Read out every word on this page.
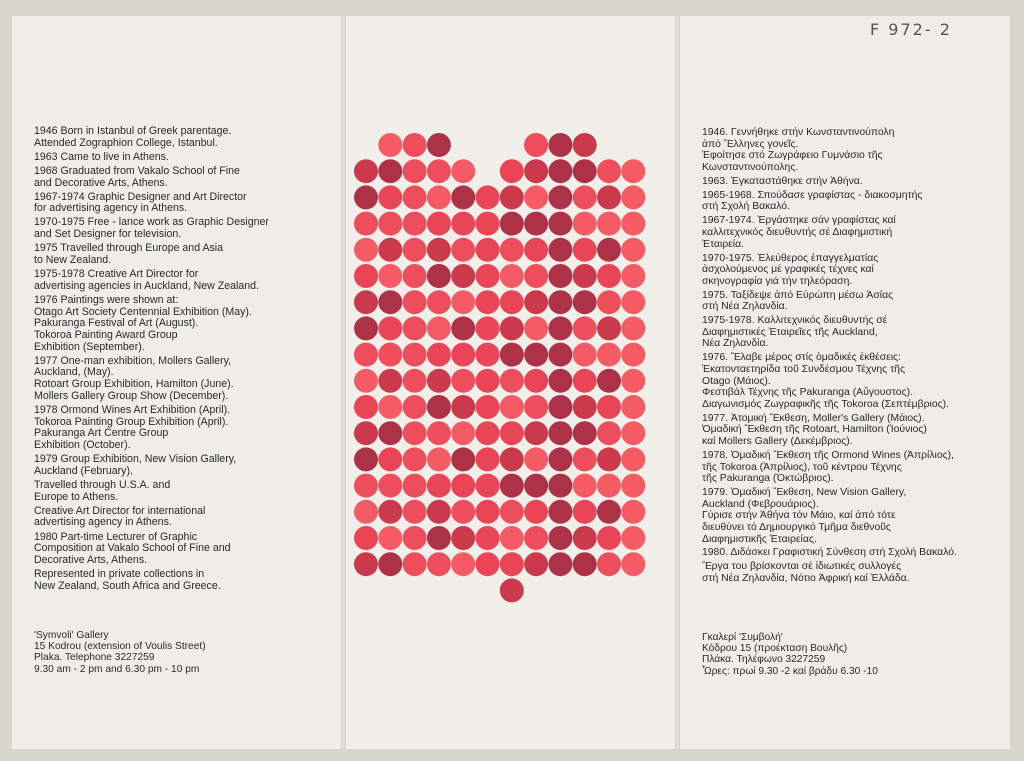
F 972- 2
1946 Born in Istanbul of Greek parentage.
Attended Zographion College, Istanbul.
1963 Came to live in Athens.
1968 Graduated from Vakalo School of Fine
and Decorative Arts, Athens.
1967-1974 Graphic Designer and Art Director
for advertising agency in Athens.
1970-1975 Free - lance work as Graphic Designer
and Set Designer for television.
1975 Travelled through Europe and Asia
to New Zealand.
1975-1978 Creative Art Director for
advertising agencies in Auckland, New Zealand.
1976 Paintings were shown at:
Otago Art Society Centennial Exhibition (May).
Pakuranga Festival of Art (August).
Tokoroa Painting Award Group
Exhibition (September).
1977 One-man exhibition, Mollers Gallery,
Auckland, (May).
Rotoart Group Exhibition, Hamilton (June).
Mollers Gallery Group Show (December).
1978 Ormond Wines Art Exhibition (April).
Tokoroa Painting Group Exhibition (April).
Pakuranga Art Centre Group
Exhibition (October).
1979 Group Exhibition, New Vision Gallery,
Auckland (February).
Travelled through U.S.A. and
Europe to Athens.
Creative Art Director for international
advertising agency in Athens.
1980 Part-time Lecturer of Graphic
Composition at Vakalo School of Fine and
Decorative Arts, Athens.
Represented in private collections in
New Zealand, South Africa and Greece.
'Symvoli' Gallery
15 Kodrou (extension of Voulis Street)
Plaka. Telephone 3227259
9.30 am - 2 pm and 6.30 pm - 10 pm
1946. Γεννήθηκε στήν Κωνσταντινούπολη
ἀπό Ἕλληνες γονεῖς.
Ἐφοίτησε στό Ζωγράφειο Γυμνάσιο τῆς
Κωνσταντινούπολης.
1963. Ἐγκαταστάθηκε στήν Ἀθήνα.
1965-1968. Σπούδασε γραφίστας - διακοσμητής
στή Σχολή Βακαλό.
1967-1974. Ἐργάστηκε σάν γραφίστας καί
καλλιτεχνικός διευθυντής σέ Διαφημιστική
Ἑταιρεία.
1970-1975. Ἐλεύθερος ἐπαγγελματίας
ἀσχολούμενος μέ γραφικές τέχνες καί
σκηνογραφία γιά τήν τηλεόραση.
1975. Ταξίδεψε ἀπό Εὐρώπη μέσω Ἀσίας
στή Νέα Ζηλανδία.
1975-1978. Καλλιτεχνικός διευθυντής σέ
Διαφημιστικές Ἑταιρεῖες τῆς Auckland,
Νέα Ζηλανδία.
1976. Ἔλαβε μέρος στίς ὁμαδικές ἐκθέσεις:
Ἑκατονταετηρίδα τοῦ Συνδέσμου Τέχνης τῆς
Otago (Μάιος).
Φεστιβάλ Τέχνης τῆς Pakuranga (Αὔγουστος).
Διαγωνισμός Ζωγραφικῆς τῆς Tokoroa (Σεπτέμβριος).
1977. Ἀτομική Ἔκθεση, Moller's Gallery (Μάιος).
Ὁμαδική Ἔκθεση τῆς Rotoart, Hamilton (Ἰούνιος)
καί Mollers Gallery (Δεκέμβριος).
1978. Ὁμαδική Ἔκθεση τῆς Ormond Wines (Ἀπρίλιος),
τῆς Tokoroa (Ἀπρίλιος), τοῦ κέντρου Τέχνης
τῆς Pakuranga (Ὀκτώβριος).
1979. Ὁμαδική Ἔκθεση, New Vision Gallery,
Auckland (Φεβρουάριος).
Γύρισε στήν Ἀθήνα τόν Μάιο, καί ἀπό τότε
διευθύνει τό Δημιουργικό Τμῆμα διεθνοῦς
Διαφημιστικῆς Ἑταιρείας.
1980. Διδάσκει Γραφιστική Σύνθεση στή Σχολή Βακαλό.
Ἔργα του βρίσκονται σέ ἰδιωτικές συλλογές
στή Νέα Ζηλανδία, Νότιο Ἀφρική καί Ἑλλάδα.
Γκαλερί 'Συμβολή'
Κόδρου 15 (προέκταση Βουλῆς)
Πλάκα. Τηλέφωνο 3227259
Ὧρες: πρωί 9.30 -2 καί βράδυ 6.30 -10
